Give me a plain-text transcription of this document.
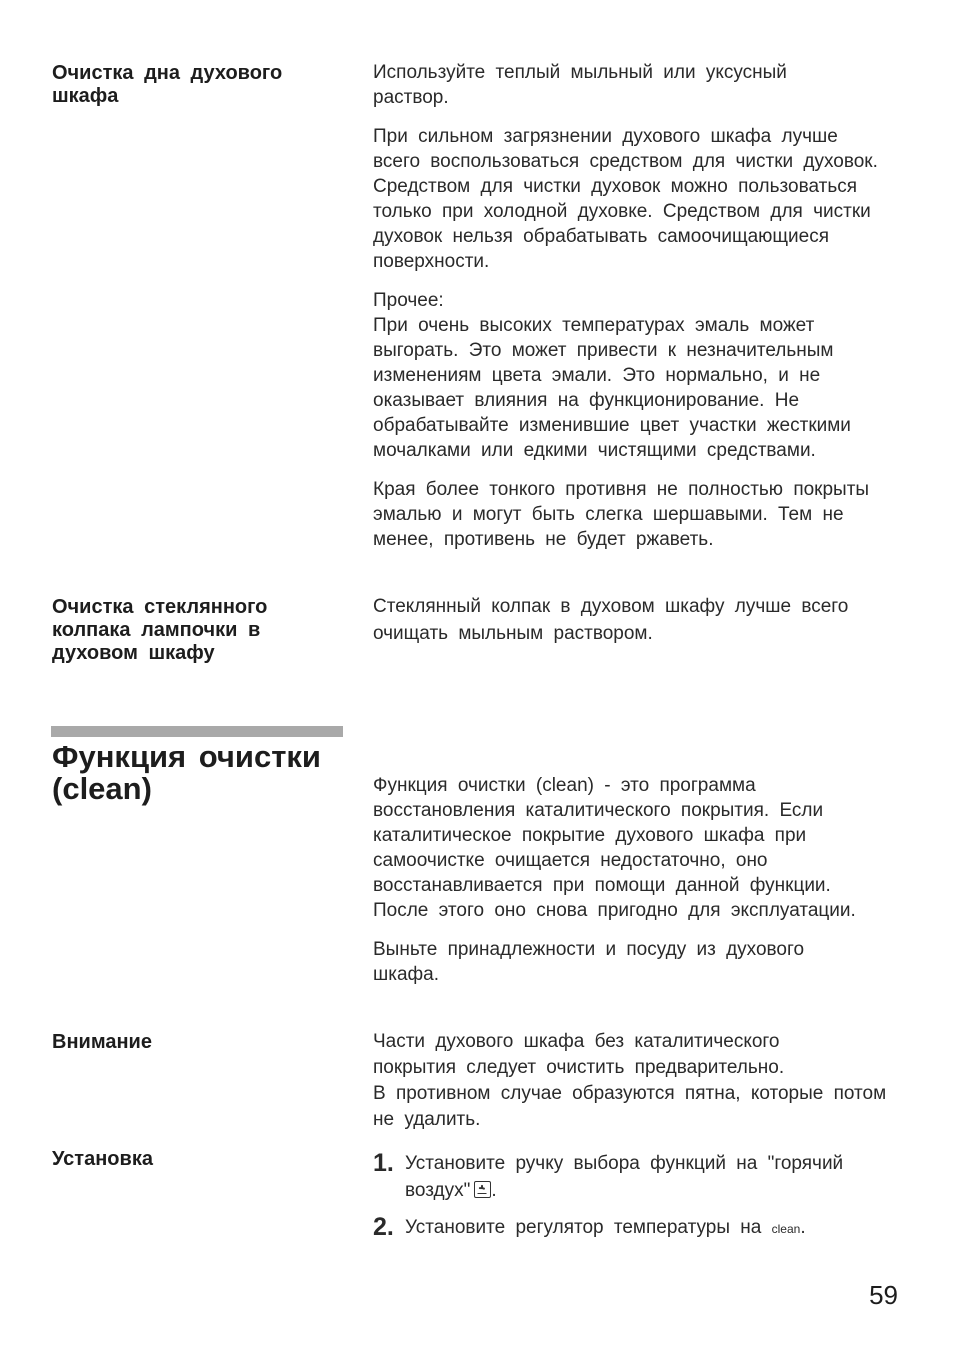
Очистка дна духового шкафа

Используйте теплый мыльный или уксусный раствор.

При сильном загрязнении духового шкафа лучше всего воспользоваться средством для чистки духовок. Средством для чистки духовок можно пользоваться только при холодной духовке. Средством для чистки духовок нельзя обрабатывать самоочищающиеся поверхности.

Прочее:

При очень высоких температурах эмаль может выгорать. Это может привести к незначительным изменениям цвета эмали. Это нормально, и не оказывает влияния на функционирование. Не обрабатывайте изменившие цвет участки жесткими мочалками или едкими чистящими средствами.

Края более тонкого противня не полностью покрыты эмалью и могут быть слегка шершавыми. Тем не менее, противень не будет ржаветь.

Очистка стеклянного колпака лампочки в духовом шкафу

Стеклянный колпак в духовом шкафу лучше всего очищать мыльным раствором.

Функция очистки (clean)	Функция очистки (clean) - это программа восстановления каталитического покрытия. Если каталитическое покрытие духового шкафа при самоочистке очищается недостаточно, оно восстанавливается при помощи данной функции. После этого оно снова пригодно для эксплуатации.

Выньте принадлежности и посуду из духового шкафа.

Внимание	Части духового шкафа без каталитического покрытия следует очистить предварительно.

В противном случае образуются пятна, которые потом не удалить.

Установка	1. Установите ручку выбора функций на "горячий воздух" .
2. Установите регулятор температуры на clean.
59
